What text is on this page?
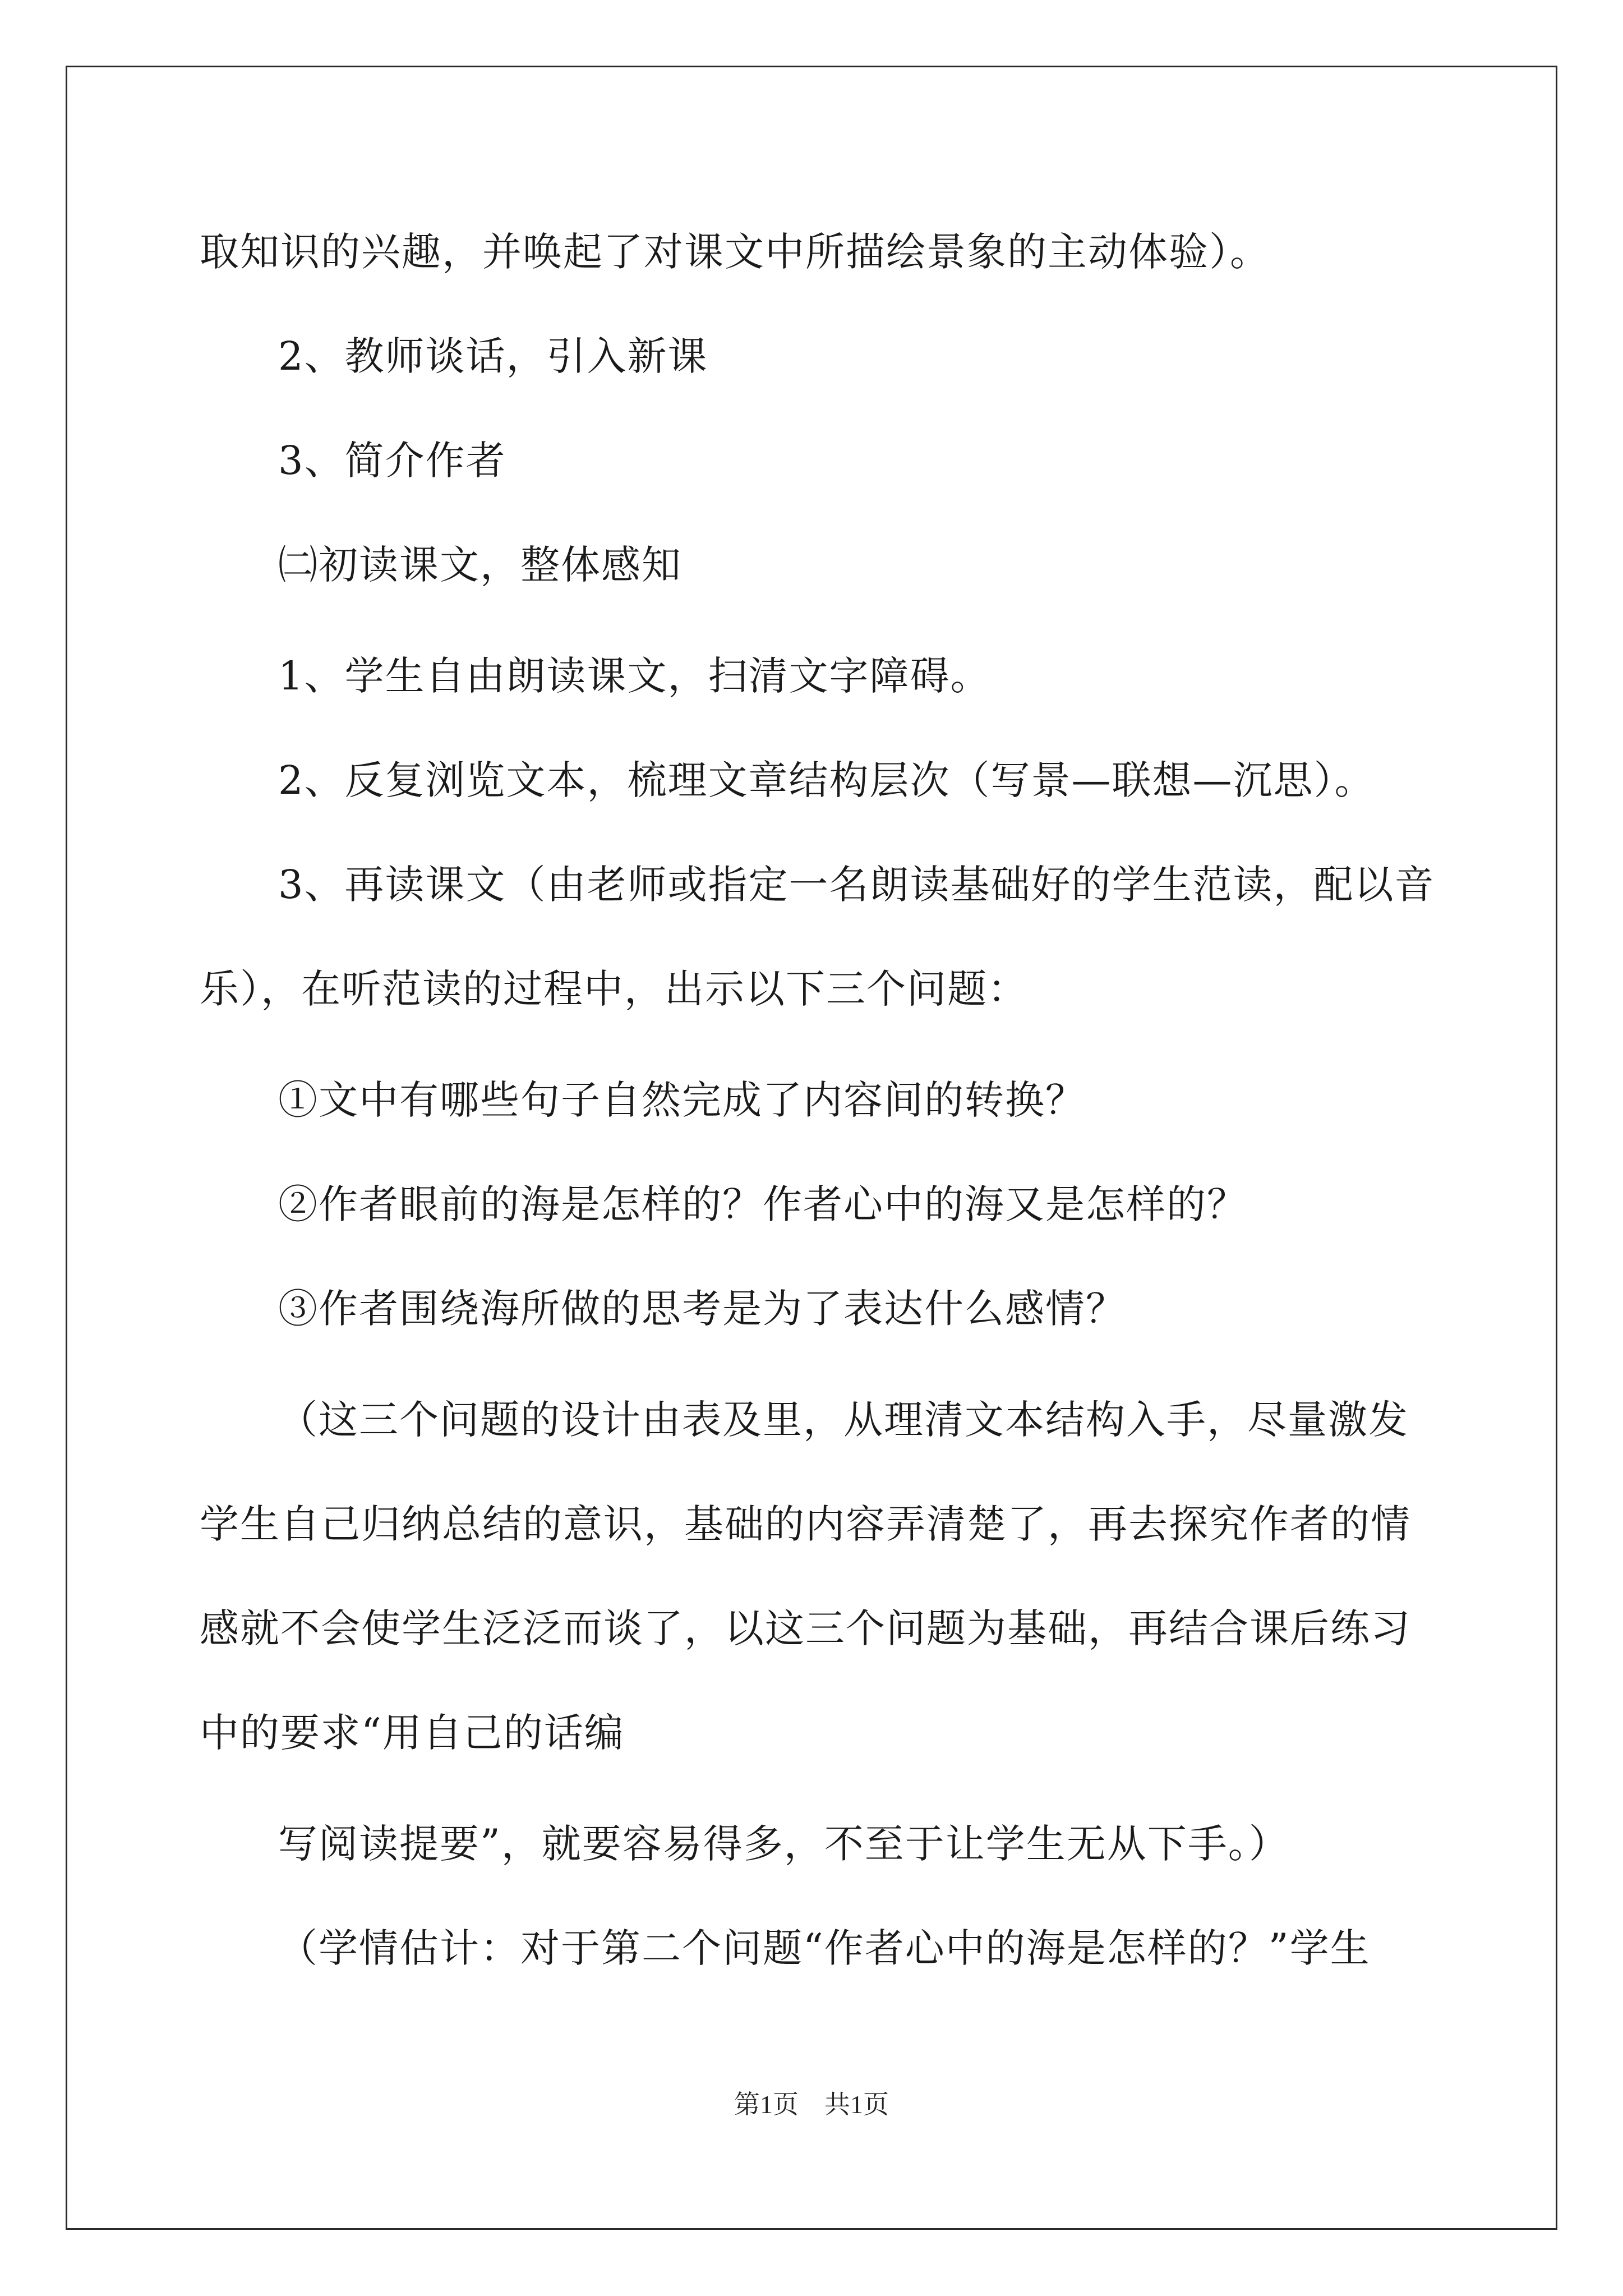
取知识的兴趣，并唤起了对课文中所描绘景象的主动体验）。
2、教师谈话，引入新课
3、简介作者
㈡初读课文，整体感知
1、学生自由朗读课文，扫清文字障碍。
2、反复浏览文本，梳理文章结构层次（写景—联想—沉思）。
3、再读课文（由老师或指定一名朗读基础好的学生范读，配以音
乐），在听范读的过程中，出示以下三个问题：
①文中有哪些句子自然完成了内容间的转换？
②作者眼前的海是怎样的？作者心中的海又是怎样的？
③作者围绕海所做的思考是为了表达什么感情？
（这三个问题的设计由表及里，从理清文本结构入手，尽量激发
学生自己归纳总结的意识，基础的内容弄清楚了，再去探究作者的情
感就不会使学生泛泛而谈了，以这三个问题为基础，再结合课后练习
中的要求“用自己的话编
写阅读提要”，就要容易得多，不至于让学生无从下手。）
（学情估计：对于第二个问题“作者心中的海是怎样的？”学生
第1页　共1页
